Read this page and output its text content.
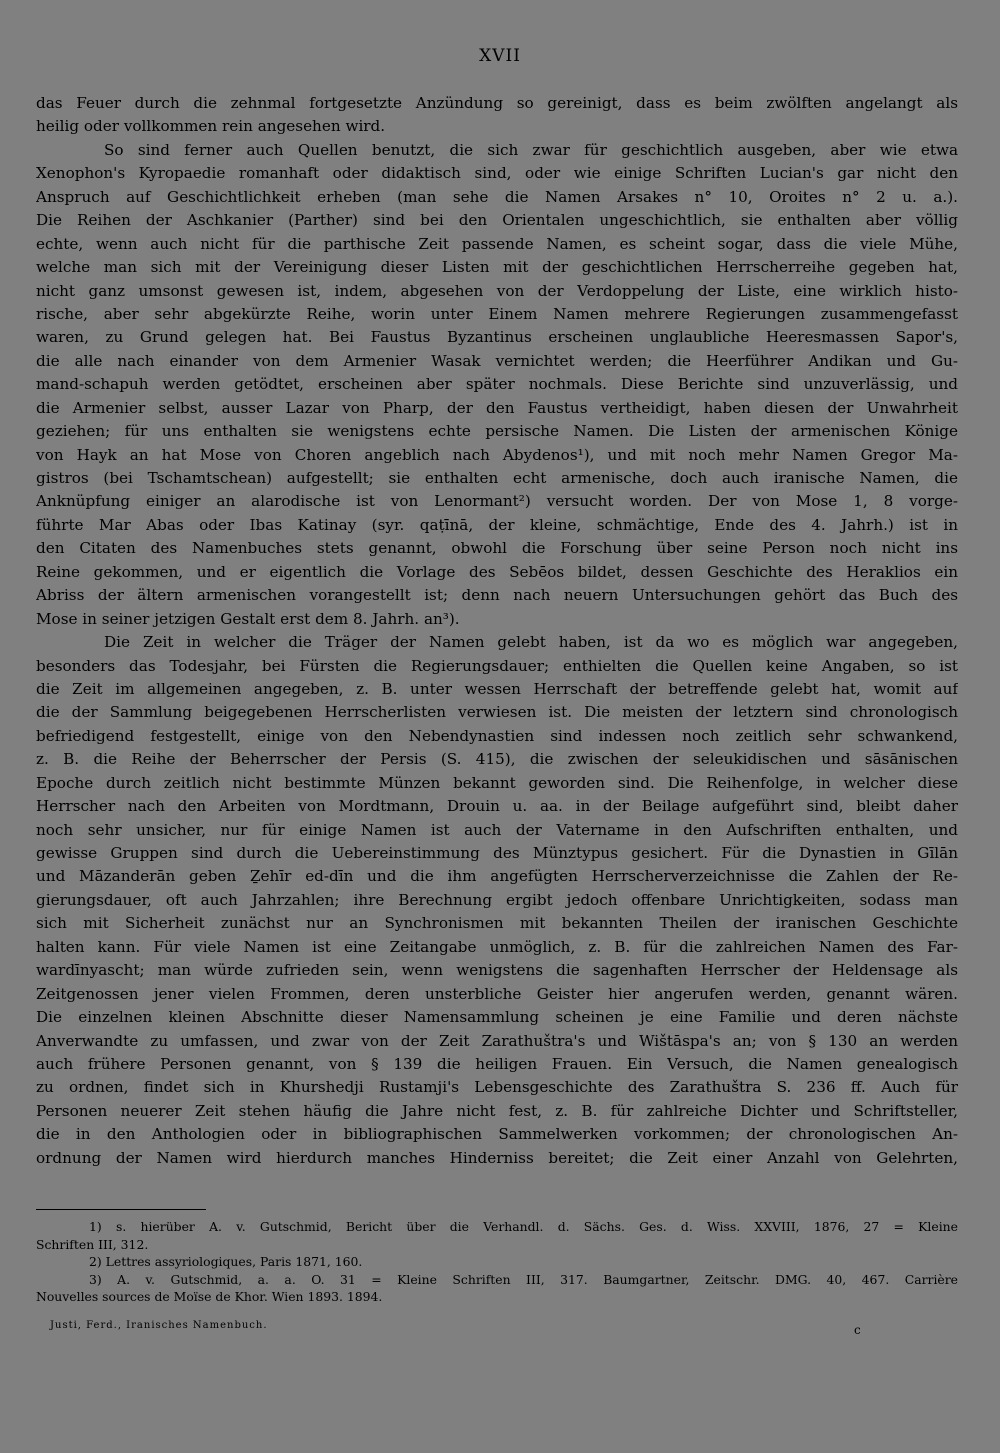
XVII
das Feuer durch die zehnmal fortgesetzte Anzündung so gereinigt, dass es beim zwölften angelangt als
heilig oder vollkommen rein angesehen wird.
So sind ferner auch Quellen benutzt, die sich zwar für geschichtlich ausgeben, aber wie etwa
Xenophon's Kyropaedie romanhaft oder didaktisch sind, oder wie einige Schriften Lucian's gar nicht den
Anspruch auf Geschichtlichkeit erheben (man sehe die Namen Arsakes n° 10, Oroites n° 2 u. a.).
Die Reihen der Aschkanier (Parther) sind bei den Orientalen ungeschichtlich, sie enthalten aber völlig
echte, wenn auch nicht für die parthische Zeit passende Namen, es scheint sogar, dass die viele Mühe,
welche man sich mit der Vereinigung dieser Listen mit der geschichtlichen Herrscherreihe gegeben hat,
nicht ganz umsonst gewesen ist, indem, abgesehen von der Verdoppelung der Liste, eine wirklich histo-
rische, aber sehr abgekürzte Reihe, worin unter Einem Namen mehrere Regierungen zusammengefasst
waren, zu Grund gelegen hat. Bei Faustus Byzantinus erscheinen unglaubliche Heeresmassen Sapor's,
die alle nach einander von dem Armenier Wasak vernichtet werden; die Heerführer Andikan und Gu-
mand-schapuh werden getödtet, erscheinen aber später nochmals. Diese Berichte sind unzuverlässig, und
die Armenier selbst, ausser Lazar von Pharp, der den Faustus vertheidigt, haben diesen der Unwahrheit
geziehen; für uns enthalten sie wenigstens echte persische Namen. Die Listen der armenischen Könige
von Hayk an hat Mose von Choren angeblich nach Abydenos¹), und mit noch mehr Namen Gregor Ma-
gistros (bei Tschamtschean) aufgestellt; sie enthalten echt armenische, doch auch iranische Namen, die
Anknüpfung einiger an alarodische ist von Lenormant²) versucht worden. Der von Mose 1, 8 vorge-
führte Mar Abas oder Ibas Katinay (syr. qaṭīnā, der kleine, schmächtige, Ende des 4. Jahrh.) ist in
den Citaten des Namenbuches stets genannt, obwohl die Forschung über seine Person noch nicht ins
Reine gekommen, und er eigentlich die Vorlage des Sebēos bildet, dessen Geschichte des Heraklios ein
Abriss der ältern armenischen vorangestellt ist; denn nach neuern Untersuchungen gehört das Buch des
Mose in seiner jetzigen Gestalt erst dem 8. Jahrh. an³).
Die Zeit in welcher die Träger der Namen gelebt haben, ist da wo es möglich war angegeben,
besonders das Todesjahr, bei Fürsten die Regierungsdauer; enthielten die Quellen keine Angaben, so ist
die Zeit im allgemeinen angegeben, z. B. unter wessen Herrschaft der betreffende gelebt hat, womit auf
die der Sammlung beigegebenen Herrscherlisten verwiesen ist. Die meisten der letztern sind chronologisch
befriedigend festgestellt, einige von den Nebendynastien sind indessen noch zeitlich sehr schwankend,
z. B. die Reihe der Beherrscher der Persis (S. 415), die zwischen der seleukidischen und sāsānischen
Epoche durch zeitlich nicht bestimmte Münzen bekannt geworden sind. Die Reihenfolge, in welcher diese
Herrscher nach den Arbeiten von Mordtmann, Drouin u. aa. in der Beilage aufgeführt sind, bleibt daher
noch sehr unsicher, nur für einige Namen ist auch der Vatername in den Aufschriften enthalten, und
gewisse Gruppen sind durch die Uebereinstimmung des Münztypus gesichert. Für die Dynastien in Gīlān
und Māzanderān geben Ẕehīr ed-dīn und die ihm angefügten Herrscherverzeichnisse die Zahlen der Re-
gierungsdauer, oft auch Jahrzahlen; ihre Berechnung ergibt jedoch offenbare Unrichtigkeiten, sodass man
sich mit Sicherheit zunächst nur an Synchronismen mit bekannten Theilen der iranischen Geschichte
halten kann. Für viele Namen ist eine Zeitangabe unmöglich, z. B. für die zahlreichen Namen des Far-
wardīnyascht; man würde zufrieden sein, wenn wenigstens die sagenhaften Herrscher der Heldensage als
Zeitgenossen jener vielen Frommen, deren unsterbliche Geister hier angerufen werden, genannt wären.
Die einzelnen kleinen Abschnitte dieser Namensammlung scheinen je eine Familie und deren nächste
Anverwandte zu umfassen, und zwar von der Zeit Zarathuštra's und Wištāspa's an; von § 130 an werden
auch frühere Personen genannt, von § 139 die heiligen Frauen. Ein Versuch, die Namen genealogisch
zu ordnen, findet sich in Khurshedji Rustamji's Lebensgeschichte des Zarathuštra S. 236 ff. Auch für
Personen neuerer Zeit stehen häufig die Jahre nicht fest, z. B. für zahlreiche Dichter und Schriftsteller,
die in den Anthologien oder in bibliographischen Sammelwerken vorkommen; der chronologischen An-
ordnung der Namen wird hierdurch manches Hinderniss bereitet; die Zeit einer Anzahl von Gelehrten,
1) s. hierüber A. v. Gutschmid, Bericht über die Verhandl. d. Sächs. Ges. d. Wiss. XXVIII, 1876, 27 = Kleine
Schriften III, 312.
2) Lettres assyriologiques, Paris 1871, 160.
3) A. v. Gutschmid, a. a. O. 31 = Kleine Schriften III, 317. Baumgartner, Zeitschr. DMG. 40, 467. Carrière
Nouvelles sources de Moïse de Khor. Wien 1893. 1894.
Justi, Ferd., Iranisches Namenbuch.	c
